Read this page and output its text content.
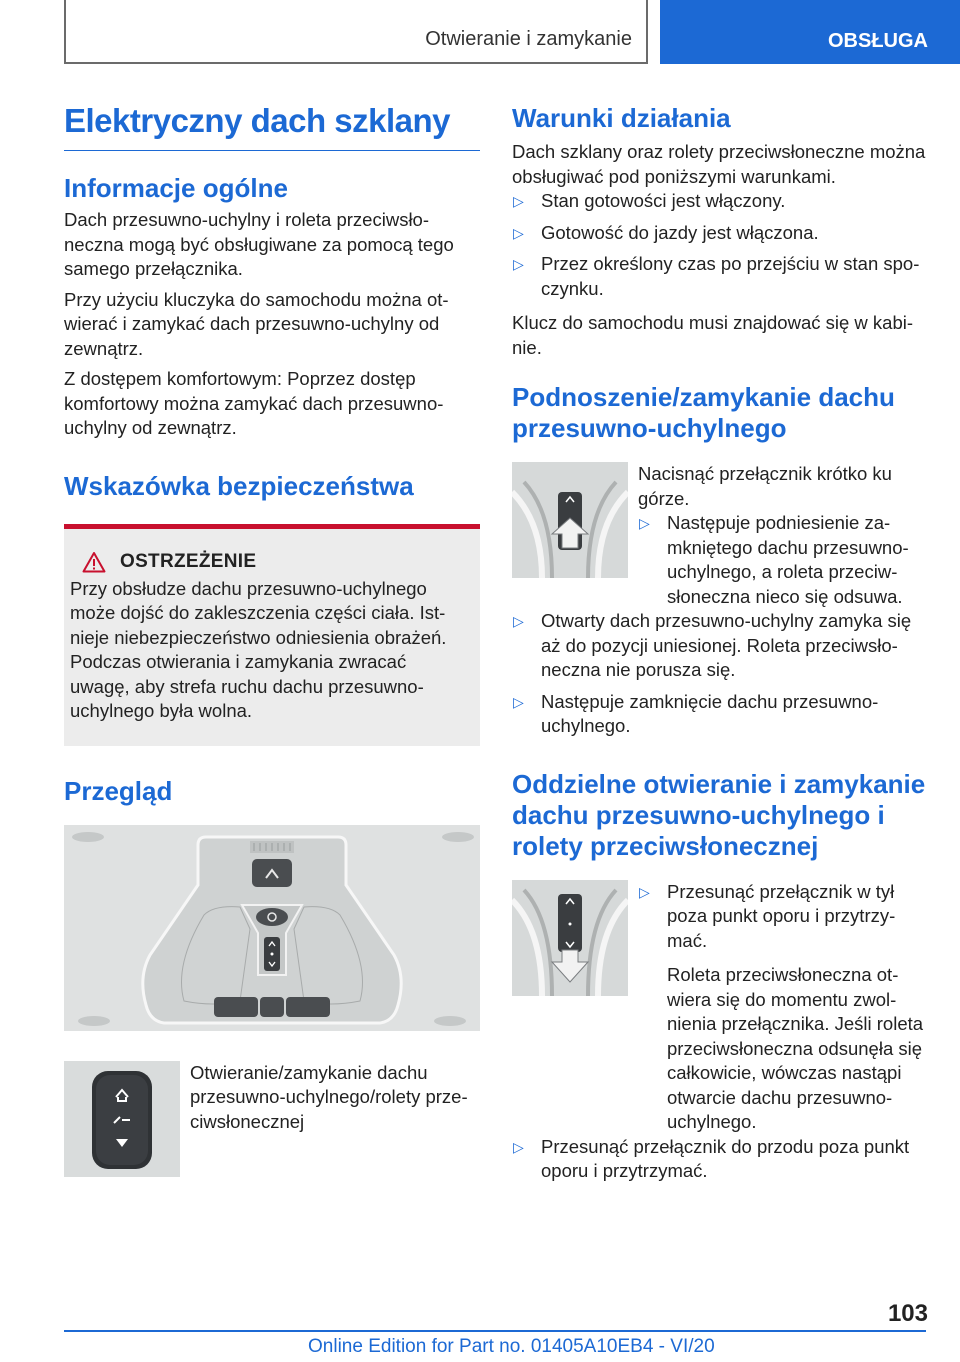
Otwieranie i zamykanie	OBSŁUGA
Elektryczny dach szklany
Informacje ogólne

Dach przesuwno-uchylny i roleta przeciwsłoneczna mogą być obsługiwane za pomocą tego samego przełącznika.

Przy użyciu kluczyka do samochodu można otwierać i zamykać dach przesuwno-uchylny od zewnątrz.

Z dostępem komfortowym: Poprzez dostęp komfortowy można zamykać dach przesuwno-uchylny od zewnątrz.

Wskazówka bezpieczeństwa
OSTRZEŻENIE

Przy obsłudze dachu przesuwno-uchylnego może dojść do zakleszczenia części ciała. Istnieje niebezpieczeństwo odniesienia obrażeń. Podczas otwierania i zamykania zwracać uwagę, aby strefa ruchu dachu przesuwno-uchylnego była wolna.

Przegląd

Otwieranie/zamykanie dachu przesuwno-uchylnego/rolety przeciwsłonecznej

Warunki działania

Dach szklany oraz rolety przeciwsłoneczne można obsługiwać pod poniższymi warunkami.

▷ Stan gotowości jest włączony.
▷ Gotowość do jazdy jest włączona.
▷ Przez określony czas po przejściu w stan spoczynku.

Klucz do samochodu musi znajdować się w kabinie.

Podnoszenie/zamykanie dachu przesuwno-uchylnego

Nacisnąć przełącznik krótko ku górze.

▷ Następuje podniesienie zamkniętego dachu przesuwno-uchylnego, a roleta przeciwsłoneczna nieco się odsuwa.
▷ Otwarty dach przesuwno-uchylny zamyka się aż do pozycji uniesionej. Roleta przeciwsłoneczna nie porusza się.
▷ Następuje zamknięcie dachu przesuwno-uchylnego.
Oddzielne otwieranie i zamykanie dachu przesuwno-uchylnego i rolety przeciwsłonecznej
▷ Przesunąć przełącznik w tył poza punkt oporu i przytrzymać.

Roleta przeciwsłoneczna otwiera się do momentu zwolnienia przełącznika. Jeśli roleta przeciwsłoneczna odsunęła się całkowicie, wówczas nastąpi otwarcie dachu przesuwno-uchylnego.

▷ Przesunąć przełącznik do przodu poza punkt oporu i przytrzymać.
103
Online Edition for Part no. 01405A10EB4 - VI/20
